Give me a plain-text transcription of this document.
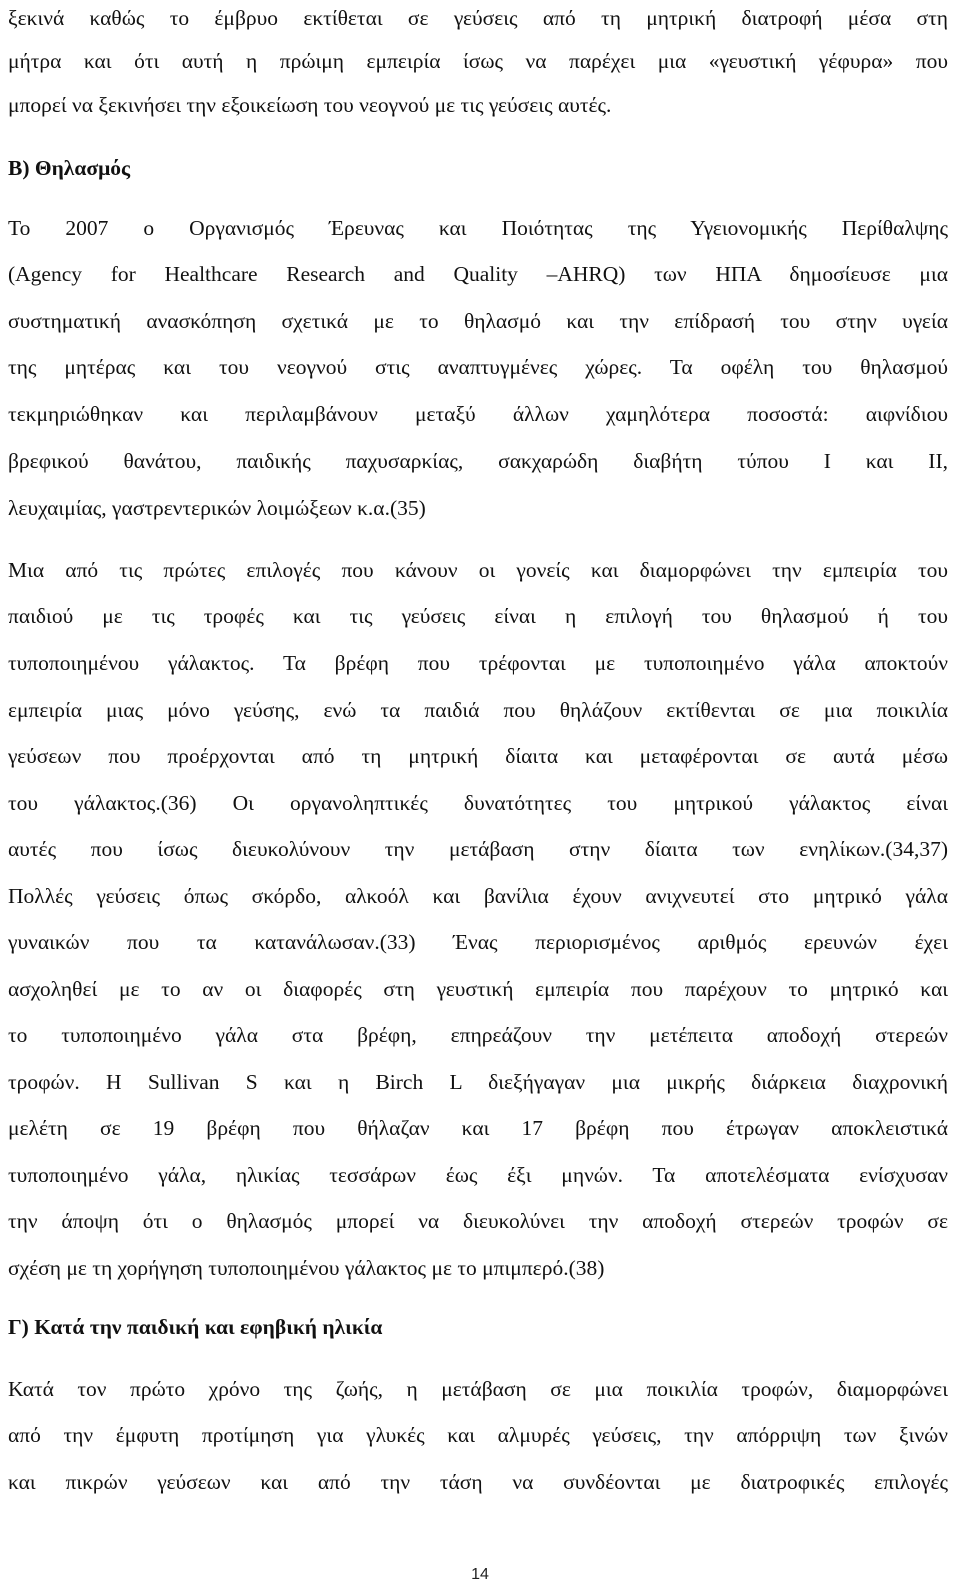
ξεκινά καθώς το έμβρυο εκτίθεται σε γεύσεις από τη μητρική διατροφή μέσα στη
μήτρα και ότι αυτή η πρώιμη εμπειρία ίσως να παρέχει μια «γευστική γέφυρα» που
μπορεί να ξεκινήσει την εξοικείωση του νεογνού με τις γεύσεις αυτές.
Β) Θηλασμός
Το 2007 ο Οργανισμός Έρευνας και Ποιότητας της Υγειονομικής Περίθαλψης
(Agency for Healthcare Research and Quality –AHRQ) των ΗΠΑ δημοσίευσε μια
συστηματική ανασκόπηση σχετικά με το θηλασμό και την επίδρασή του στην υγεία
της μητέρας και του νεογνού στις αναπτυγμένες χώρες. Τα οφέλη του θηλασμού
τεκμηριώθηκαν και περιλαμβάνουν μεταξύ άλλων χαμηλότερα ποσοστά: αιφνίδιου
βρεφικού θανάτου, παιδικής παχυσαρκίας, σακχαρώδη διαβήτη τύπου Ι και ΙΙ,
λευχαιμίας, γαστρεντερικών λοιμώξεων κ.α.(35)
Μια από τις πρώτες επιλογές που κάνουν οι γονείς και διαμορφώνει την εμπειρία του
παιδιού με τις τροφές και τις γεύσεις είναι η επιλογή του θηλασμού ή του
τυποποιημένου γάλακτος. Τα βρέφη που τρέφονται με τυποποιημένο γάλα αποκτούν
εμπειρία μιας μόνο γεύσης, ενώ τα παιδιά που θηλάζουν εκτίθενται σε μια ποικιλία
γεύσεων που προέρχονται από τη μητρική δίαιτα και μεταφέρονται σε αυτά μέσω
του γάλακτος.(36) Οι οργανοληπτικές δυνατότητες του μητρικού γάλακτος είναι
αυτές που ίσως διευκολύνουν την μετάβαση στην δίαιτα των ενηλίκων.(34,37)
Πολλές γεύσεις όπως σκόρδο, αλκοόλ και βανίλια έχουν ανιχνευτεί στο μητρικό γάλα
γυναικών που τα κατανάλωσαν.(33) Ένας περιορισμένος αριθμός ερευνών έχει
ασχοληθεί με το αν οι διαφορές στη γευστική εμπειρία που παρέχουν το μητρικό και
το τυποποιημένο γάλα στα βρέφη, επηρεάζουν την μετέπειτα αποδοχή στερεών
τροφών. Η Sullivan S και η Birch L διεξήγαγαν μια μικρής διάρκεια διαχρονική
μελέτη σε 19 βρέφη που θήλαζαν και 17 βρέφη που έτρωγαν αποκλειστικά
τυποποιημένο γάλα, ηλικίας τεσσάρων έως έξι μηνών. Τα αποτελέσματα ενίσχυσαν
την άποψη ότι ο θηλασμός μπορεί να διευκολύνει την αποδοχή στερεών τροφών σε
σχέση με τη χορήγηση τυποποιημένου γάλακτος με το μπιμπερό.(38)
Γ) Κατά την παιδική και εφηβική ηλικία
Κατά τον πρώτο χρόνο της ζωής, η μετάβαση σε μια ποικιλία τροφών, διαμορφώνει
από την έμφυτη προτίμηση για γλυκές και αλμυρές γεύσεις, την απόρριψη των ξινών
και πικρών γεύσεων και από την τάση να συνδέονται με διατροφικές επιλογές
14
